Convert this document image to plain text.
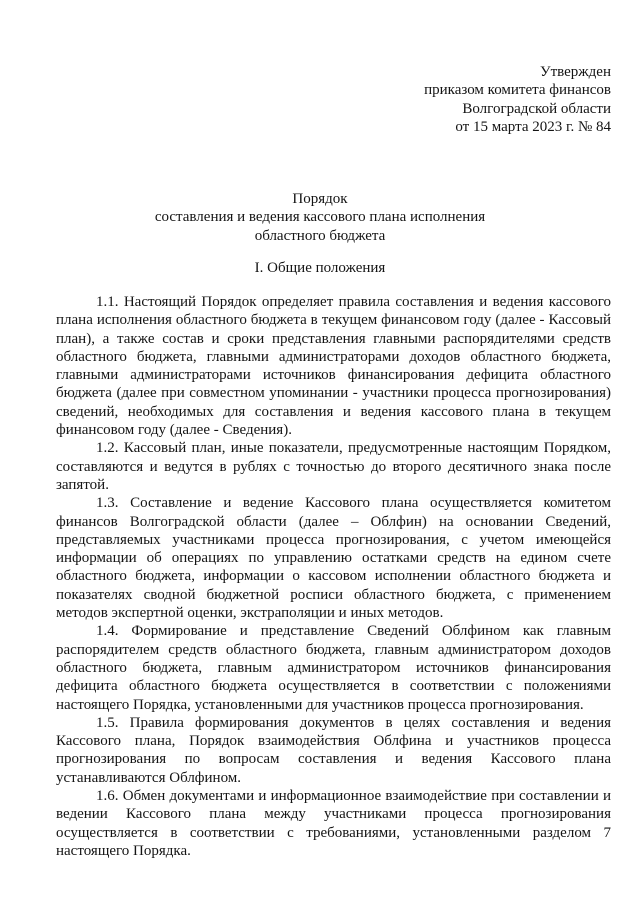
Утвержден
приказом комитета финансов
Волгоградской области
от 15 марта 2023 г. № 84
Порядок
составления и ведения кассового плана исполнения
областного бюджета
I. Общие положения

1.1. Настоящий Порядок определяет правила составления и ведения кассового плана исполнения областного бюджета в текущем финансовом году (далее - Кассовый план), а также состав и сроки представления главными распорядителями средств областного бюджета, главными администраторами доходов областного бюджета, главными администраторами источников финансирования дефицита областного бюджета (далее при совместном упоминании - участники процесса прогнозирования) сведений, необходимых для составления и ведения кассового плана в текущем финансовом году (далее - Сведения).

1.2. Кассовый план, иные показатели, предусмотренные настоящим Порядком, составляются и ведутся в рублях с точностью до второго десятичного знака после запятой.

1.3. Составление и ведение Кассового плана осуществляется комитетом финансов Волгоградской области (далее – Облфин) на основании Сведений, представляемых участниками процесса прогнозирования, с учетом имеющейся информации об операциях по управлению остатками средств на едином счете областного бюджета, информации о кассовом исполнении областного бюджета и показателях сводной бюджетной росписи областного бюджета, с применением методов экспертной оценки, экстраполяции и иных методов.

1.4. Формирование и представление Сведений Облфином как главным распорядителем средств областного бюджета, главным администратором доходов областного бюджета, главным администратором источников финансирования дефицита областного бюджета осуществляется в соответствии с положениями настоящего Порядка, установленными для участников процесса прогнозирования.

1.5. Правила формирования документов в целях составления и ведения Кассового плана, Порядок взаимодействия Облфина и участников процесса прогнозирования по вопросам составления и ведения Кассового плана устанавливаются Облфином.

1.6. Обмен документами и информационное взаимодействие при составлении и ведении Кассового плана между участниками процесса прогнозирования осуществляется в соответствии с требованиями, установленными разделом 7 настоящего Порядка.
